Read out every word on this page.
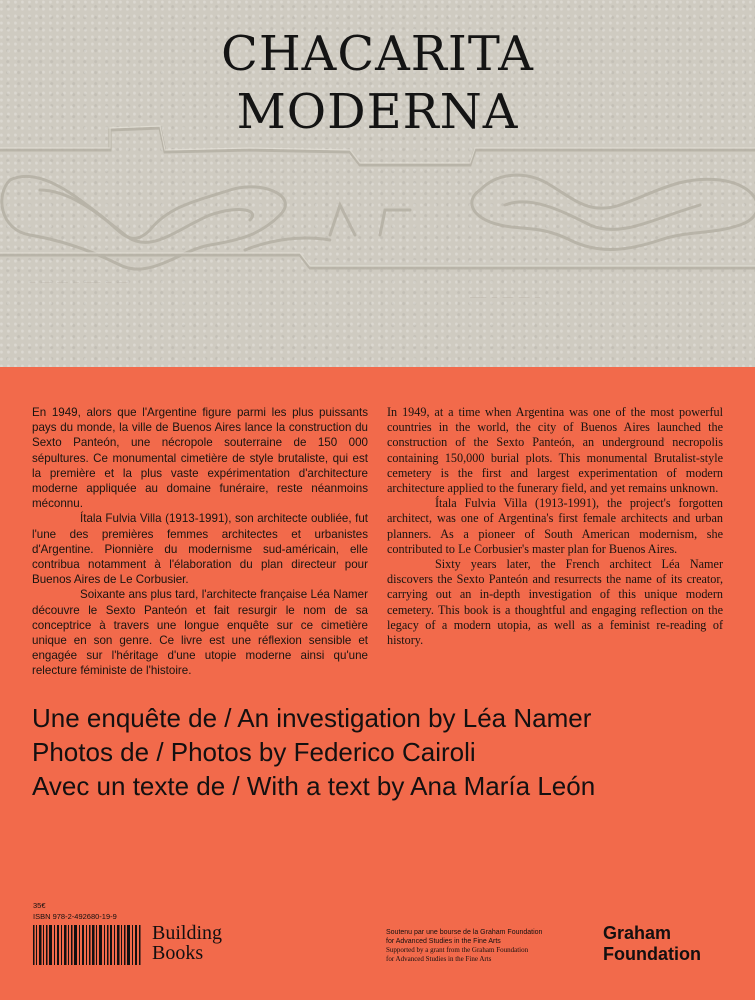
— —— —— — ——— — ——
——— — —— —— —
CHACARITA
MODERNA

En 1949, alors que l'Argentine figure parmi les plus puissants pays du monde, la ville de Buenos Aires lance la construction du Sexto Panteón, une nécropole souterraine de 150 000 sépultures. Ce monumental cimetière de style brutaliste, qui est la première et la plus vaste expérimentation d'architecture moderne appliquée au domaine funéraire, reste néanmoins méconnu.

Ítala Fulvia Villa (1913-1991), son architecte oubliée, fut l'une des premières femmes architectes et urbanistes d'Argentine. Pionnière du modernisme sud-américain, elle contribua notamment à l'élaboration du plan directeur pour Buenos Aires de Le Corbusier.

Soixante ans plus tard, l'architecte française Léa Namer découvre le Sexto Panteón et fait resurgir le nom de sa conceptrice à travers une longue enquête sur ce cimetière unique en son genre. Ce livre est une réflexion sensible et engagée sur l'héritage d'une utopie moderne ainsi qu'une relecture féministe de l'histoire.

In 1949, at a time when Argentina was one of the most powerful countries in the world, the city of Buenos Aires launched the construction of the Sexto Panteón, an underground necropolis containing 150,000 burial plots. This monumental Brutalist-style cemetery is the first and largest experimentation of modern architecture applied to the funerary field, and yet remains unknown.

Ítala Fulvia Villa (1913-1991), the project's forgotten architect, was one of Argentina's first female architects and urban planners. As a pioneer of South American modernism, she contributed to Le Corbusier's master plan for Buenos Aires.

Sixty years later, the French architect Léa Namer discovers the Sexto Panteón and resurrects the name of its creator, carrying out an in-depth investigation of this unique modern cemetery. This book is a thoughtful and engaging reflection on the legacy of a modern utopia, as well as a feminist re-reading of history.

Une enquête de / An investigation by Léa Namer
Photos de / Photos by Federico Cairoli
Avec un texte de / With a text by Ana María León
35€
ISBN 978-2-492680-19-9
Building
Books
Soutenu par une bourse de la Graham Foundation
for Advanced Studies in the Fine Arts
Supported by a grant from the Graham Foundation
for Advanced Studies in the Fine Arts
Graham
Foundation
